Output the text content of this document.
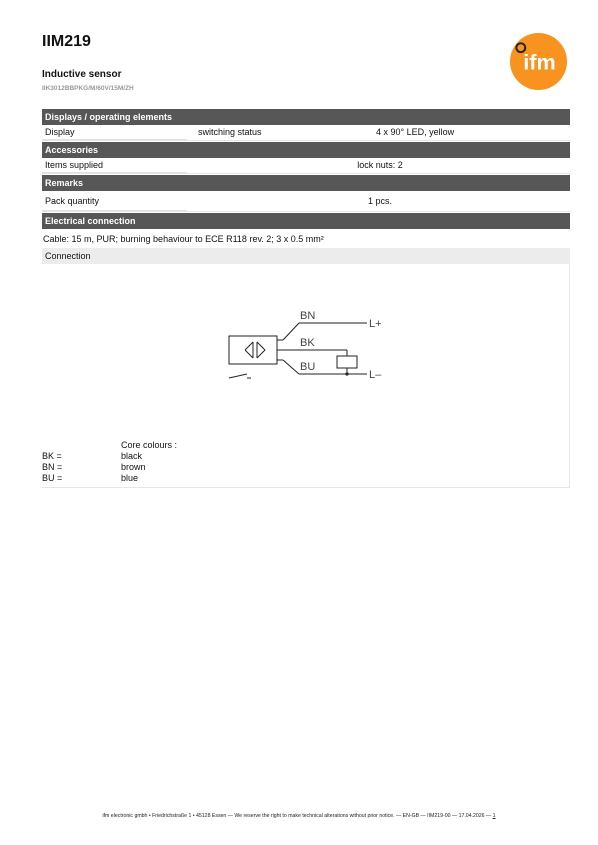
IIM219
Inductive sensor
IIK3012BBPKG/M/60V/15M/ZH
ifm
Displays / operating elements
Display	switching status	4 x 90° LED, yellow
Accessories
Items supplied	lock nuts: 2
Remarks
Pack quantity	1 pcs.
Electrical connection
Cable: 15 m, PUR; burning behaviour to ECE R118 rev. 2; 3 x 0.5 mm²
Connection
BN
BK
BU
L+
L–
Core colours :
BK =	black
BN =	brown
BU =	blue
ifm electronic gmbh • Friedrichstraße 1 • 45128 Essen — We reserve the right to make technical alterations without prior notice. — EN-GB — IIM219-00 — 17.04.2026 — 1
